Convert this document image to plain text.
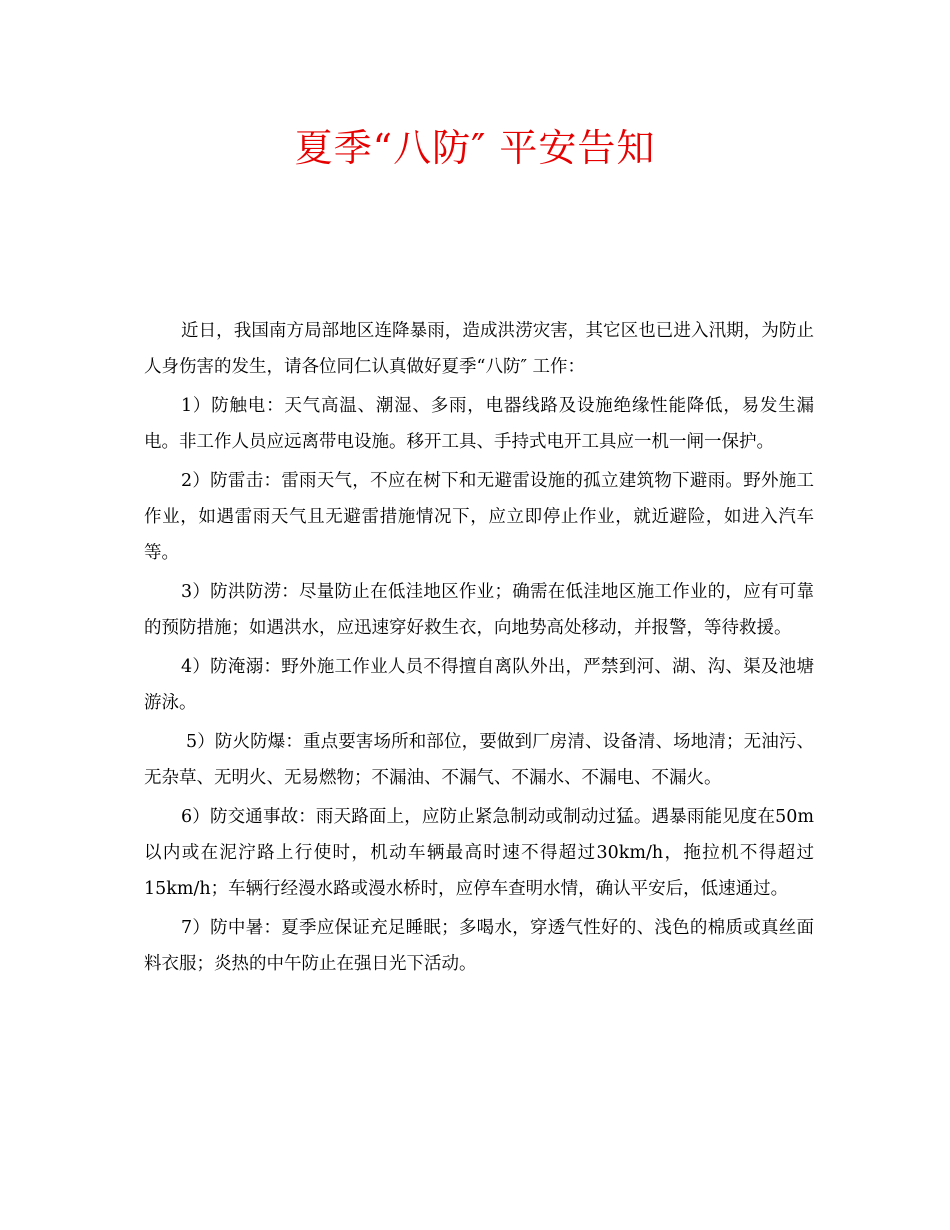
夏季“八防″ 平安告知

近日，我国南方局部地区连降暴雨，造成洪涝灾害，其它区也已进入汛期，为防止人身伤害的发生，请各位同仁认真做好夏季“八防″ 工作：

1）防触电：天气高温、潮湿、多雨，电器线路及设施绝缘性能降低，易发生漏电。非工作人员应远离带电设施。移开工具、手持式电开工具应一机一闸一保护。

2）防雷击：雷雨天气，不应在树下和无避雷设施的孤立建筑物下避雨。野外施工作业，如遇雷雨天气且无避雷措施情况下，应立即停止作业，就近避险，如进入汽车等。

3）防洪防涝：尽量防止在低洼地区作业；确需在低洼地区施工作业的，应有可靠的预防措施；如遇洪水，应迅速穿好救生衣，向地势高处移动，并报警，等待救援。

4）防淹溺：野外施工作业人员不得擅自离队外出，严禁到河、湖、沟、渠及池塘游泳。

5）防火防爆：重点要害场所和部位，要做到厂房清、设备清、场地清；无油污、无杂草、无明火、无易燃物；不漏油、不漏气、不漏水、不漏电、不漏火。

6）防交通事故：雨天路面上，应防止紧急制动或制动过猛。遇暴雨能见度在50m以内或在泥泞路上行使时，机动车辆最高时速不得超过30km/h，拖拉机不得超过15km/h；车辆行经漫水路或漫水桥时，应停车查明水情，确认平安后，低速通过。

7）防中暑：夏季应保证充足睡眠；多喝水，穿透气性好的、浅色的棉质或真丝面料衣服；炎热的中午防止在强日光下活动。
